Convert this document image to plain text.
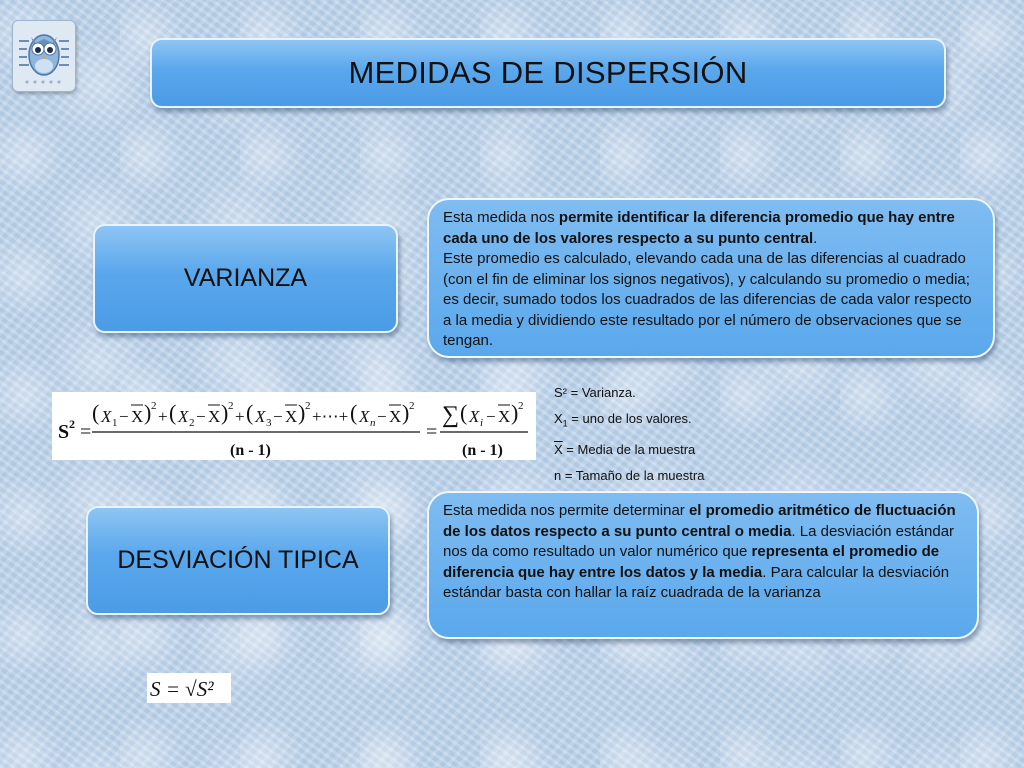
MEDIDAS DE DISPERSIÓN
VARIANZA

Esta medida nos permite identificar la diferencia promedio que hay entre cada uno de los valores respecto a su punto central.

Este promedio es calculado, elevando cada una de las diferencias al cuadrado (con el fin de eliminar los signos negativos), y calculando su promedio o media; es decir, sumado todos los cuadrados de las diferencias de cada valor respecto a la media y dividiendo este resultado por el número de observaciones que se tengan.

S 2 =
( X 1 − X ) 2
+ ( X 2 − X ) 2
+ ( X 3 − X ) 2
+⋯+ ( X n − X ) 2
(n - 1)
=
∑ ( X i − X ) 2
(n - 1)
S² = Varianza.
$X_1$ = uno de los valores.
$\overline{X}$ = Media de la muestra
n = Tamaño de la muestra
DESVIACIÓN TIPICA

Esta medida nos permite determinar el promedio aritmético de fluctuación de los datos respecto a su punto central o media. La desviación estándar nos da como resultado un valor numérico que representa el promedio de diferencia que hay entre los datos y la media. Para calcular la desviación estándar basta con hallar la raíz cuadrada de la varianza

S = √S²
